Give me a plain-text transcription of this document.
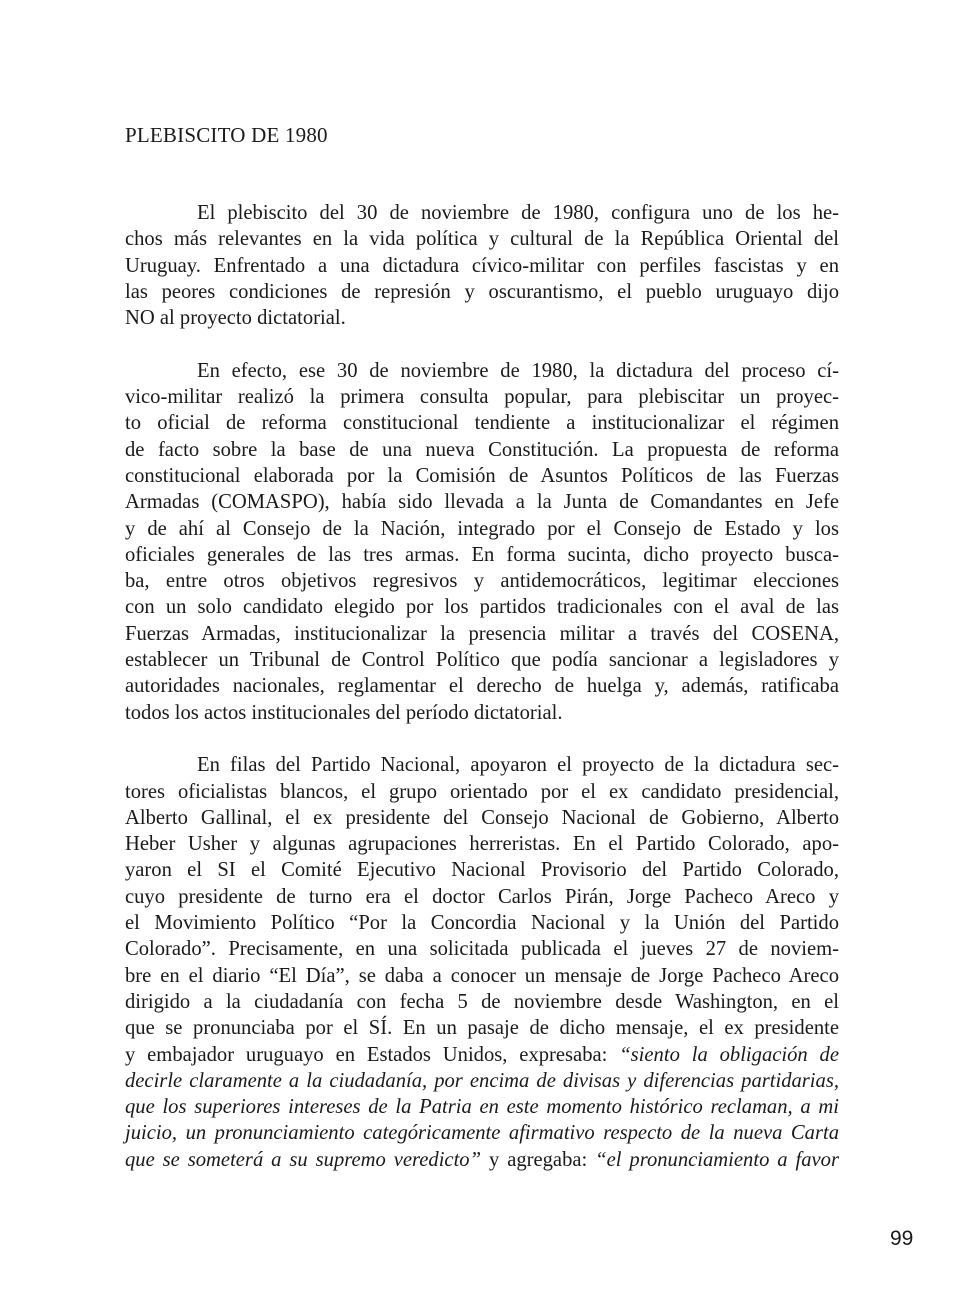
PLEBISCITO DE 1980
El plebiscito del 30 de noviembre de 1980, configura uno de los he-
chos más relevantes en la vida política y cultural de la República Oriental del
Uruguay. Enfrentado a una dictadura cívico-militar con perfiles fascistas y en
las peores condiciones de represión y oscurantismo, el pueblo uruguayo dijo
NO al proyecto dictatorial.
En efecto, ese 30 de noviembre de 1980, la dictadura del proceso cí-
vico-militar realizó la primera consulta popular, para plebiscitar un proyec-
to oficial de reforma constitucional tendiente a institucionalizar el régimen
de facto sobre la base de una nueva Constitución. La propuesta de reforma
constitucional elaborada por la Comisión de Asuntos Políticos de las Fuerzas
Armadas (COMASPO), había sido llevada a la Junta de Comandantes en Jefe
y de ahí al Consejo de la Nación, integrado por el Consejo de Estado y los
oficiales generales de las tres armas. En forma sucinta, dicho proyecto busca-
ba, entre otros objetivos regresivos y antidemocráticos, legitimar elecciones
con un solo candidato elegido por los partidos tradicionales con el aval de las
Fuerzas Armadas, institucionalizar la presencia militar a través del COSENA,
establecer un Tribunal de Control Político que podía sancionar a legisladores y
autoridades nacionales, reglamentar el derecho de huelga y, además, ratificaba
todos los actos institucionales del período dictatorial.
En filas del Partido Nacional, apoyaron el proyecto de la dictadura sec-
tores oficialistas blancos, el grupo orientado por el ex candidato presidencial,
Alberto Gallinal, el ex presidente del Consejo Nacional de Gobierno, Alberto
Heber Usher y algunas agrupaciones herreristas. En el Partido Colorado, apo-
yaron el SI el Comité Ejecutivo Nacional Provisorio del Partido Colorado,
cuyo presidente de turno era el doctor Carlos Pirán, Jorge Pacheco Areco y
el Movimiento Político “Por la Concordia Nacional y la Unión del Partido
Colorado”. Precisamente, en una solicitada publicada el jueves 27 de noviem-
bre en el diario “El Día”, se daba a conocer un mensaje de Jorge Pacheco Areco
dirigido a la ciudadanía con fecha 5 de noviembre desde Washington, en el
que se pronunciaba por el SÍ. En un pasaje de dicho mensaje, el ex presidente
y embajador uruguayo en Estados Unidos, expresaba: “siento la obligación de
decirle claramente a la ciudadanía, por encima de divisas y diferencias partidarias,
que los superiores intereses de la Patria en este momento histórico reclaman, a mi
juicio, un pronunciamiento categóricamente afirmativo respecto de la nueva Carta
que se someterá a su supremo veredicto” y agregaba: “el pronunciamiento a favor

99
